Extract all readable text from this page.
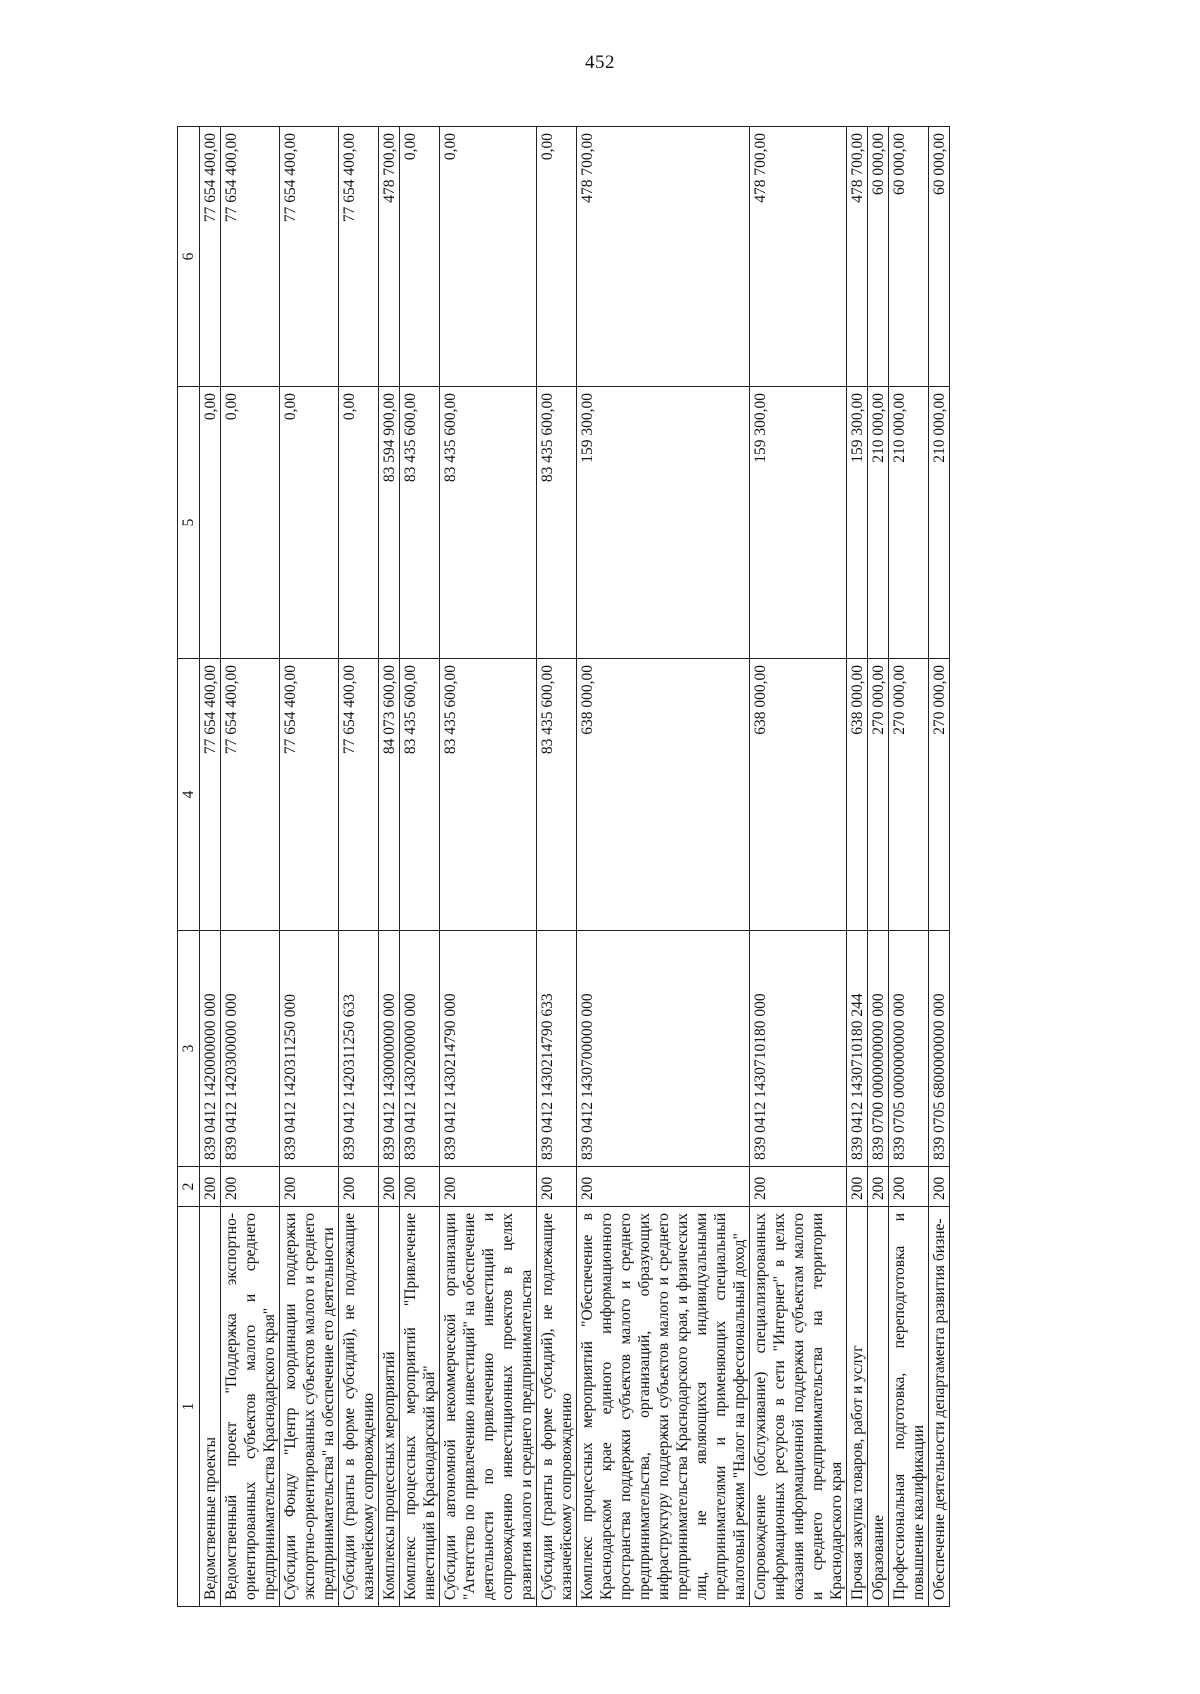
452
1	2	3	4	5	6
Ведомственные проекты	200	839 0412 1420000000 000	77 654 400,00	0,00	77 654 400,00
Ведомственный проект "Поддержка экспортно-ориентированных субъектов малого и среднего предпринимательства Краснодарского края"	200	839 0412 1420300000 000	77 654 400,00	0,00	77 654 400,00
Субсидии Фонду "Центр координации поддержки экспортно-ориентированных субъектов малого и среднего предпринимательства" на обеспечение его деятельности	200	839 0412 1420311250 000	77 654 400,00	0,00	77 654 400,00
Субсидии (гранты в форме субсидий), не подлежащие казначейскому сопровождению	200	839 0412 1420311250 633	77 654 400,00	0,00	77 654 400,00
Комплексы процессных мероприятий	200	839 0412 1430000000 000	84 073 600,00	83 594 900,00	478 700,00
Комплекс процессных мероприятий "Привлечение инвестиций в Краснодарский край"	200	839 0412 1430200000 000	83 435 600,00	83 435 600,00	0,00
Субсидии автономной некоммерческой организации "Агентство по привлечению инвестиций" на обеспечение деятельности по привлечению инвестиций и сопровождению инвестиционных проектов в целях развития малого и среднего предпринимательства	200	839 0412 1430214790 000	83 435 600,00	83 435 600,00	0,00
Субсидии (гранты в форме субсидий), не подлежащие казначейскому сопровождению	200	839 0412 1430214790 633	83 435 600,00	83 435 600,00	0,00
Комплекс процессных мероприятий "Обеспечение в Краснодарском крае единого информационного пространства поддержки субъектов малого и среднего предпринимательства, организаций, образующих инфраструктуру поддержки субъектов малого и среднего предпринимательства Краснодарского края, и физических лиц, не являющихся индивидуальными предпринимателями и применяющих специальный налоговый режим "Налог на профессиональный доход"	200	839 0412 1430700000 000	638 000,00	159 300,00	478 700,00
Сопровождение (обслуживание) специализированных информационных ресурсов в сети "Интернет" в целях оказания информационной поддержки субъектам малого и среднего предпринимательства на территории Краснодарского края	200	839 0412 1430710180 000	638 000,00	159 300,00	478 700,00
Прочая закупка товаров, работ и услуг	200	839 0412 1430710180 244	638 000,00	159 300,00	478 700,00
Образование	200	839 0700 0000000000 000	270 000,00	210 000,00	60 000,00
Профессиональная подготовка, переподготовка и повышение квалификации	200	839 0705 0000000000 000	270 000,00	210 000,00	60 000,00
Обеспечение деятельности департамента развития бизне-	200	839 0705 6800000000 000	270 000,00	210 000,00	60 000,00
